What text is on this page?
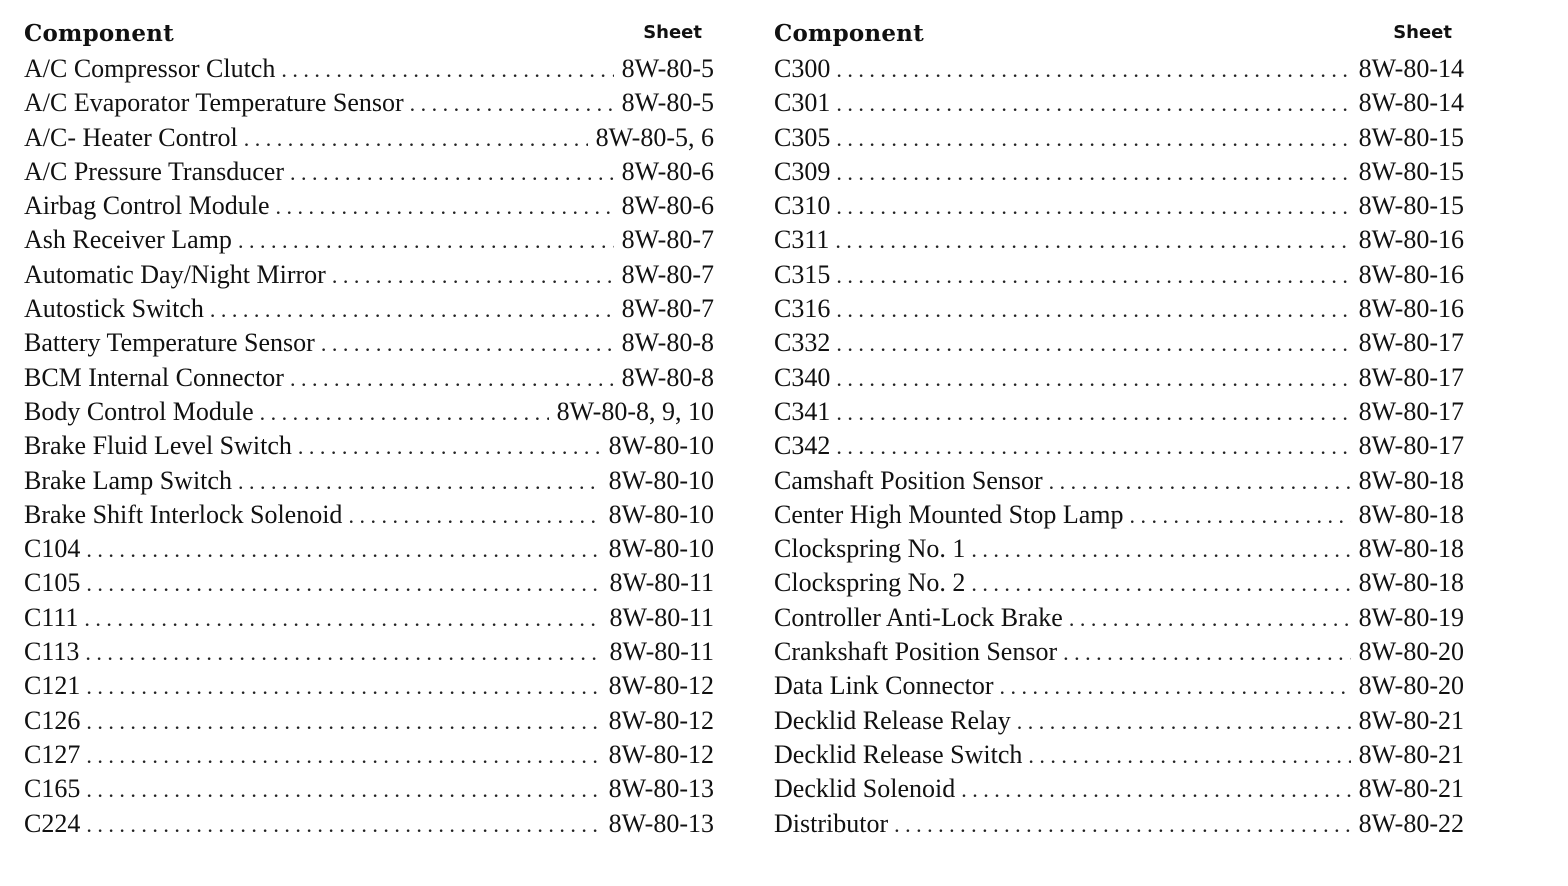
Component	Sheet
A/C Compressor Clutch . . .	8W-80-5
A/C Evaporator Temperature Sensor . . .	8W-80-5
A/C- Heater Control . . .	8W-80-5, 6
A/C Pressure Transducer . . .	8W-80-6
Airbag Control Module . . .	8W-80-6
Ash Receiver Lamp . . .	8W-80-7
Automatic Day/Night Mirror . . .	8W-80-7
Autostick Switch . . .	8W-80-7
Battery Temperature Sensor . . .	8W-80-8
BCM Internal Connector . . .	8W-80-8
Body Control Module . . .	8W-80-8, 9, 10
Brake Fluid Level Switch . . .	8W-80-10
Brake Lamp Switch . . .	8W-80-10
Brake Shift Interlock Solenoid . . .	8W-80-10
C104 . . .	8W-80-10
C105 . . .	8W-80-11
C111 . . .	8W-80-11
C113 . . .	8W-80-11
C121 . . .	8W-80-12
C126 . . .	8W-80-12
C127 . . .	8W-80-12
C165 . . .	8W-80-13
C224 . . .	8W-80-13
Component	Sheet
C300 . . .	8W-80-14
C301 . . .	8W-80-14
C305 . . .	8W-80-15
C309 . . .	8W-80-15
C310 . . .	8W-80-15
C311 . . .	8W-80-16
C315 . . .	8W-80-16
C316 . . .	8W-80-16
C332 . . .	8W-80-17
C340 . . .	8W-80-17
C341 . . .	8W-80-17
C342 . . .	8W-80-17
Camshaft Position Sensor . . .	8W-80-18
Center High Mounted Stop Lamp . . .	8W-80-18
Clockspring No. 1 . . .	8W-80-18
Clockspring No. 2 . . .	8W-80-18
Controller Anti-Lock Brake . . .	8W-80-19
Crankshaft Position Sensor . . .	8W-80-20
Data Link Connector . . .	8W-80-20
Decklid Release Relay . . .	8W-80-21
Decklid Release Switch . . .	8W-80-21
Decklid Solenoid . . .	8W-80-21
Distributor . . .	8W-80-22
